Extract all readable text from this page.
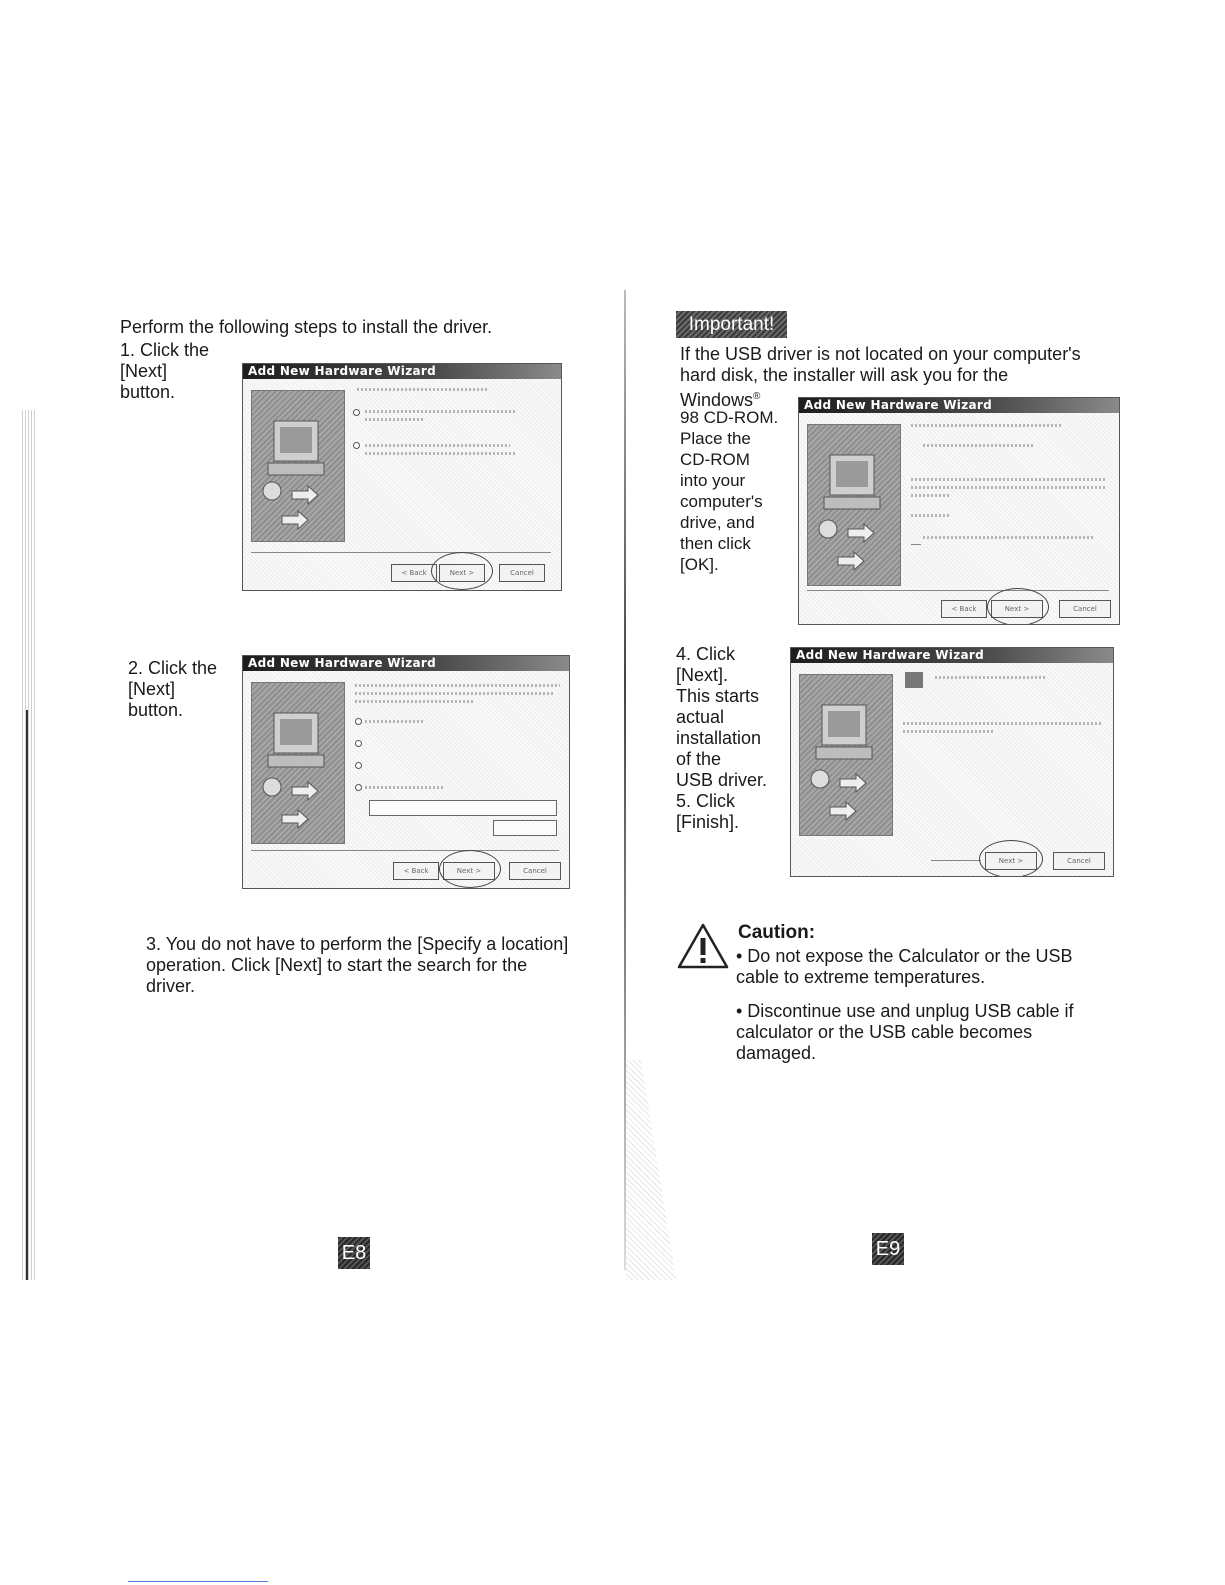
Perform the following steps to install the driver.
1. Click the
[Next]
button.
Add New Hardware Wizard
< Back	Next >	Cancel
2. Click the
[Next]
button.
Add New Hardware Wizard
< Back	Next >	Cancel
3. You do not have to perform the [Specify a location]
operation. Click [Next] to start the search for the
driver.
E8
Important!
If the USB driver is not located on your computer's
hard disk, the installer will ask you for the
Windows®
98 CD-ROM.
Place the
CD-ROM
into your
computer's
drive, and
then click
[OK].
Add New Hardware Wizard
< Back	Next >	Cancel
4. Click
[Next].
This starts
actual
installation
of the
USB driver.
5. Click
[Finish].
Add New Hardware Wizard
Next >	Cancel
Caution:
• Do not expose the Calculator or the USB
cable to extreme temperatures.
• Discontinue use and unplug USB cable if
calculator or the USB cable becomes
damaged.
E9
